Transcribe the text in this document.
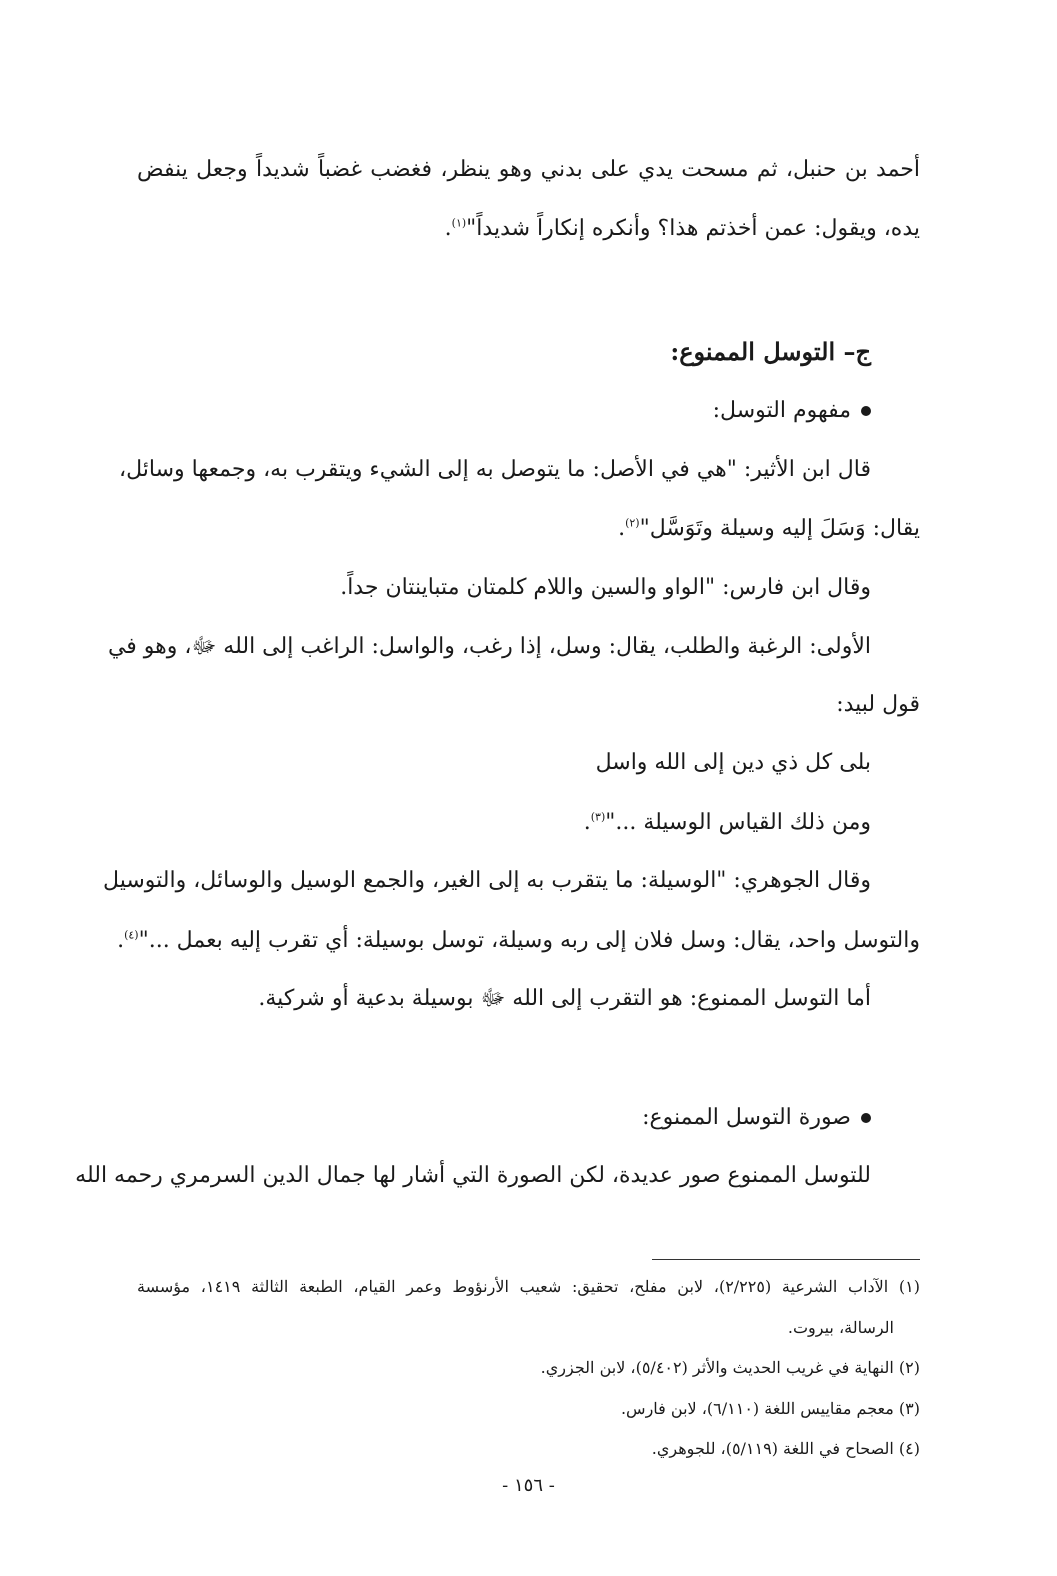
أحمد بن حنبل، ثم مسحت يدي على بدني وهو ينظر، فغضب غضباً شديداً وجعل ينفض
يده، ويقول: عمن أخذتم هذا؟ وأنكره إنكاراً شديداً"$^{(١)}$.
ج– التوسل الممنوع:
مفهوم التوسل:
قال ابن الأثير: "هي في الأصل: ما يتوصل به إلى الشيء ويتقرب به، وجمعها وسائل،
يقال: وَسَلَ إليه وسيلة وتَوَسَّل"$^{(٢)}$.
وقال ابن فارس: "الواو والسين واللام كلمتان متباينتان جداً.
الأولى: الرغبة والطلب، يقال: وسل، إذا رغب، والواسل: الراغب إلى الله ﷻ، وهو في
قول لبيد:
بلى كل ذي دين إلى الله واسل
ومن ذلك القياس الوسيلة ..."$^{(٣)}$.
وقال الجوهري: "الوسيلة: ما يتقرب به إلى الغير، والجمع الوسيل والوسائل، والتوسيل
والتوسل واحد، يقال: وسل فلان إلى ربه وسيلة، توسل بوسيلة: أي تقرب إليه بعمل ..."$^{(٤)}$.
أما التوسل الممنوع: هو التقرب إلى الله ﷻ بوسيلة بدعية أو شركية.
صورة التوسل الممنوع:
للتوسل الممنوع صور عديدة، لكن الصورة التي أشار لها جمال الدين السرمري رحمه الله
(١) الآداب الشرعية (٢/٢٢٥)، لابن مفلح، تحقيق: شعيب الأرنؤوط وعمر القيام، الطبعة الثالثة ١٤١٩، مؤسسة
الرسالة، بيروت.
(٢) النهاية في غريب الحديث والأثر (٥/٤٠٢)، لابن الجزري.
(٣) معجم مقاييس اللغة (٦/١١٠)، لابن فارس.
(٤) الصحاح في اللغة (٥/١١٩)، للجوهري.
- ١٥٦ -
